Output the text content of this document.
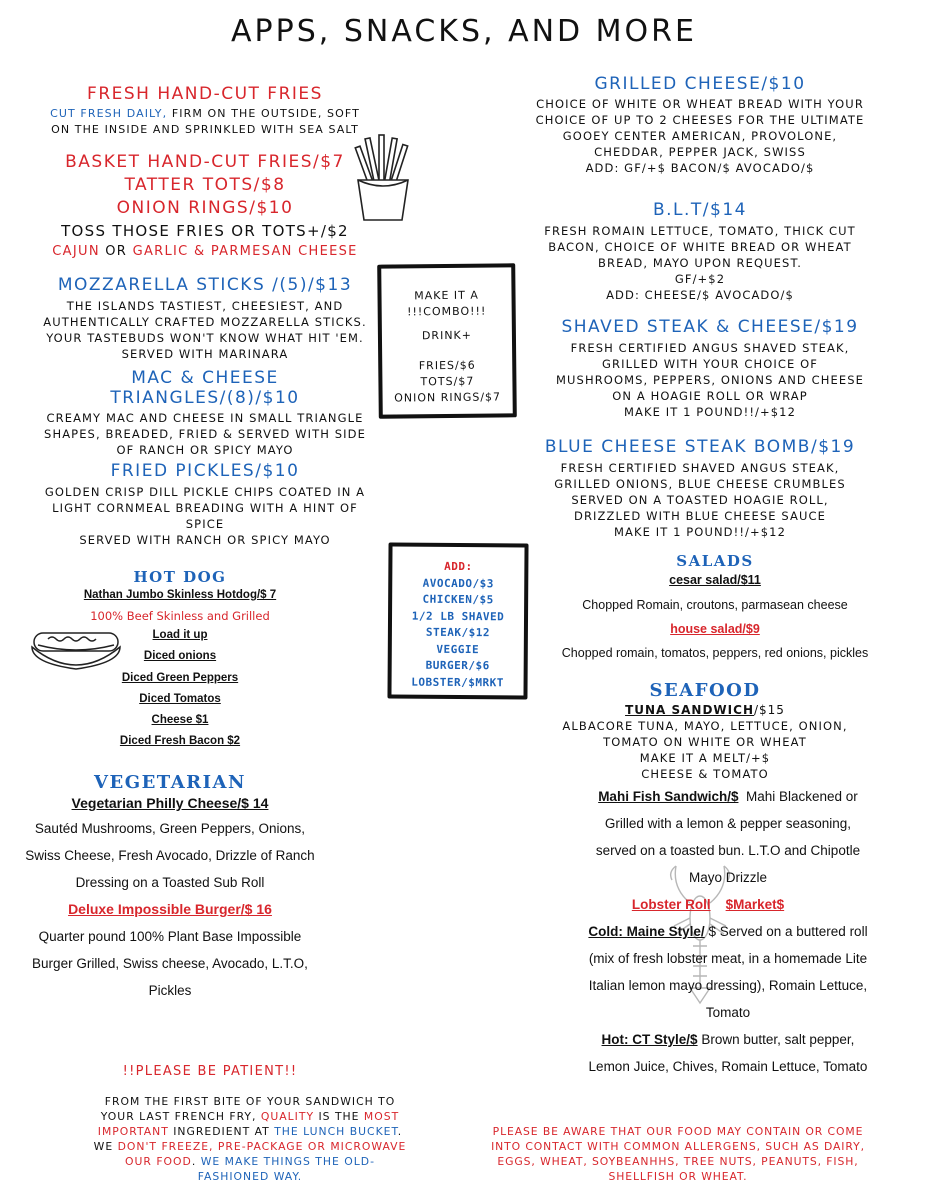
APPS, SNACKS, AND MORE
FRESH HAND-CUT FRIES
CUT FRESH DAILY, FIRM ON THE OUTSIDE, SOFT ON THE INSIDE AND SPRINKLED WITH SEA SALT
BASKET HAND-CUT FRIES/$7
TATTER TOTS/$8
ONION RINGS/$10
TOSS THOSE FRIES OR TOTS+/$2
CAJUN OR GARLIC & PARMESAN CHEESE
MOZZARELLA STICKS /(5)/$13
THE ISLANDS TASTIEST, CHEESIEST, AND AUTHENTICALLY CRAFTED MOZZARELLA STICKS. YOUR TASTEBUDS WON'T KNOW WHAT HIT 'EM. SERVED WITH MARINARA
MAC & CHEESE TRIANGLES/(8)/$10
CREAMY MAC AND CHEESE IN SMALL TRIANGLE SHAPES, BREADED, FRIED & SERVED WITH SIDE OF RANCH OR SPICY MAYO
FRIED PICKLES/$10
GOLDEN CRISP DILL PICKLE CHIPS COATED IN A LIGHT CORNMEAL BREADING WITH A HINT OF SPICE
SERVED WITH RANCH OR SPICY MAYO
MAKE IT A
!!!COMBO!!!
DRINK+
FRIES/$6
TOTS/$7
ONION RINGS/$7
ADD:
AVOCADO/$3
CHICKEN/$5
1/2 LB SHAVED
STEAK/$12
VEGGIE
BURGER/$6
LOBSTER/$MRKT
HOT DOG
Nathan Jumbo Skinless Hotdog/$ 7
100% Beef Skinless and Grilled
Load it up
Diced onions
Diced Green Peppers
Diced Tomatos
Cheese $1
Diced Fresh Bacon $2
VEGETARIAN
Vegetarian Philly Cheese/$ 14
Sautéd Mushrooms, Green Peppers, Onions,
Swiss Cheese, Fresh Avocado, Drizzle of Ranch
Dressing on a Toasted Sub Roll
Deluxe Impossible Burger/$ 16
Quarter pound 100% Plant Base Impossible
Burger Grilled, Swiss cheese, Avocado, L.T.O,
Pickles
!!PLEASE BE PATIENT!!
FROM THE FIRST BITE OF YOUR SANDWICH TO YOUR LAST FRENCH FRY, QUALITY IS THE MOST IMPORTANT INGREDIENT AT THE LUNCH BUCKET. WE DON'T FREEZE, PRE-PACKAGE OR MICROWAVE OUR FOOD. WE MAKE THINGS THE OLD-FASHIONED WAY.
GRILLED CHEESE/$10
CHOICE OF WHITE OR WHEAT BREAD WITH YOUR CHOICE OF UP TO 2 CHEESES FOR THE ULTIMATE GOOEY CENTER AMERICAN, PROVOLONE, CHEDDAR, PEPPER JACK, SWISS
ADD: GF/+$ BACON/$ AVOCADO/$
B.L.T/$14
FRESH ROMAIN LETTUCE, TOMATO, THICK CUT BACON, CHOICE OF WHITE BREAD OR WHEAT BREAD, MAYO UPON REQUEST.
GF/+$2
ADD: CHEESE/$ AVOCADO/$
SHAVED STEAK & CHEESE/$19
FRESH CERTIFIED ANGUS SHAVED STEAK, GRILLED WITH YOUR CHOICE OF MUSHROOMS, PEPPERS, ONIONS AND CHEESE ON A HOAGIE ROLL OR WRAP
MAKE IT 1 POUND!!/+$12
BLUE CHEESE STEAK BOMB/$19
FRESH CERTIFIED SHAVED ANGUS STEAK, GRILLED ONIONS, BLUE CHEESE CRUMBLES SERVED ON A TOASTED HOAGIE ROLL, DRIZZLED WITH BLUE CHEESE SAUCE
MAKE IT 1 POUND!!/+$12
SALADS
cesar salad/$11
Chopped Romain, croutons, parmasean cheese
house salad/$9
Chopped romain, tomatos, peppers, red onions, pickles
SEAFOOD
TUNA SANDWICH/$15
ALBACORE TUNA, MAYO, LETTUCE, ONION,
TOMATO ON WHITE OR WHEAT
MAKE IT A MELT/+$
CHEESE & TOMATO
Mahi Fish Sandwich/$ Mahi Blackened or
Grilled with a lemon & pepper seasoning,
served on a toasted bun. L.T.O and Chipotle
Mayo Drizzle
Lobster Roll $Market$
Cold: Maine Style/ $ Served on a buttered roll
(mix of fresh lobster meat, in a homemade Lite
Italian lemon mayo dressing), Romain Lettuce,
Tomato
Hot: CT Style/$ Brown butter, salt pepper,
Lemon Juice, Chives, Romain Lettuce, Tomato
PLEASE BE AWARE THAT OUR FOOD MAY CONTAIN OR COME INTO CONTACT WITH COMMON ALLERGENS, SUCH AS DAIRY, EGGS, WHEAT, SOYBEANHHS, TREE NUTS, PEANUTS, FISH, SHELLFISH OR WHEAT.
